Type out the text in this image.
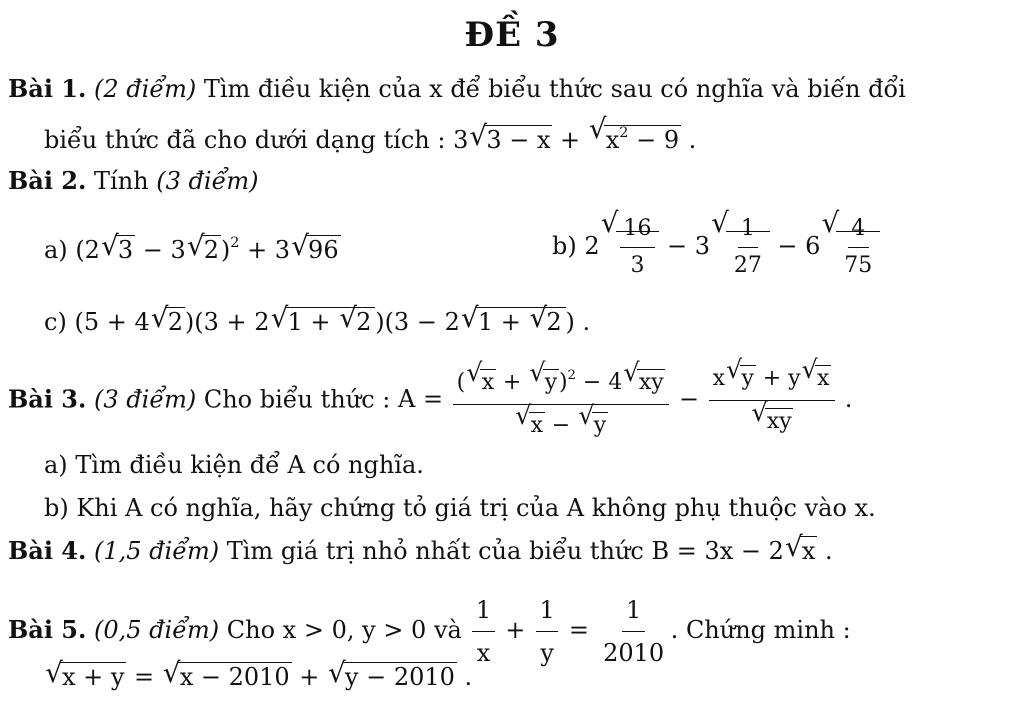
ĐỀ 3
Bài 1. (2 điểm) Tìm điều kiện của x để biểu thức sau có nghĩa và biến đổi
biểu thức đã cho dưới dạng tích : 3 √ 3 − x + √ $x^2 - 9$ .
Bài 2. Tính (3 điểm)
a) (2 √ 3 − 3 √ 2)$^2$ + 3 √ 96	b) 2 √ $\frac{16}{3} - 3$ √ $\frac{1}{27} - 6$ √ $\frac{4}{75}$
c) (5 + 4 √ 2)(3 + 2 √ 1 + √ 2 )(3 − 2 √ 1 + √ 2 ) .
Bài 3. (3 điểm) Cho biểu thức : A = ( √ x + √ y)$^2$ − 4 √ xy
√ x − √ y − x √ y + y √ x
√ xy .
a) Tìm điều kiện để A có nghĩa.
b) Khi A có nghĩa, hãy chứng tỏ giá trị của A không phụ thuộc vào x.
Bài 4. (1,5 điểm) Tìm giá trị nhỏ nhất của biểu thức B = 3x − 2 √ x .
Bài 5. (0,5 điểm) Cho x > 0, y > 0 và $\frac{1}{x} + \frac{1}{y} = \frac{1}{2010}$ . Chứng minh :
√ x + y = √ x − 2010 + √ y − 2010 .
